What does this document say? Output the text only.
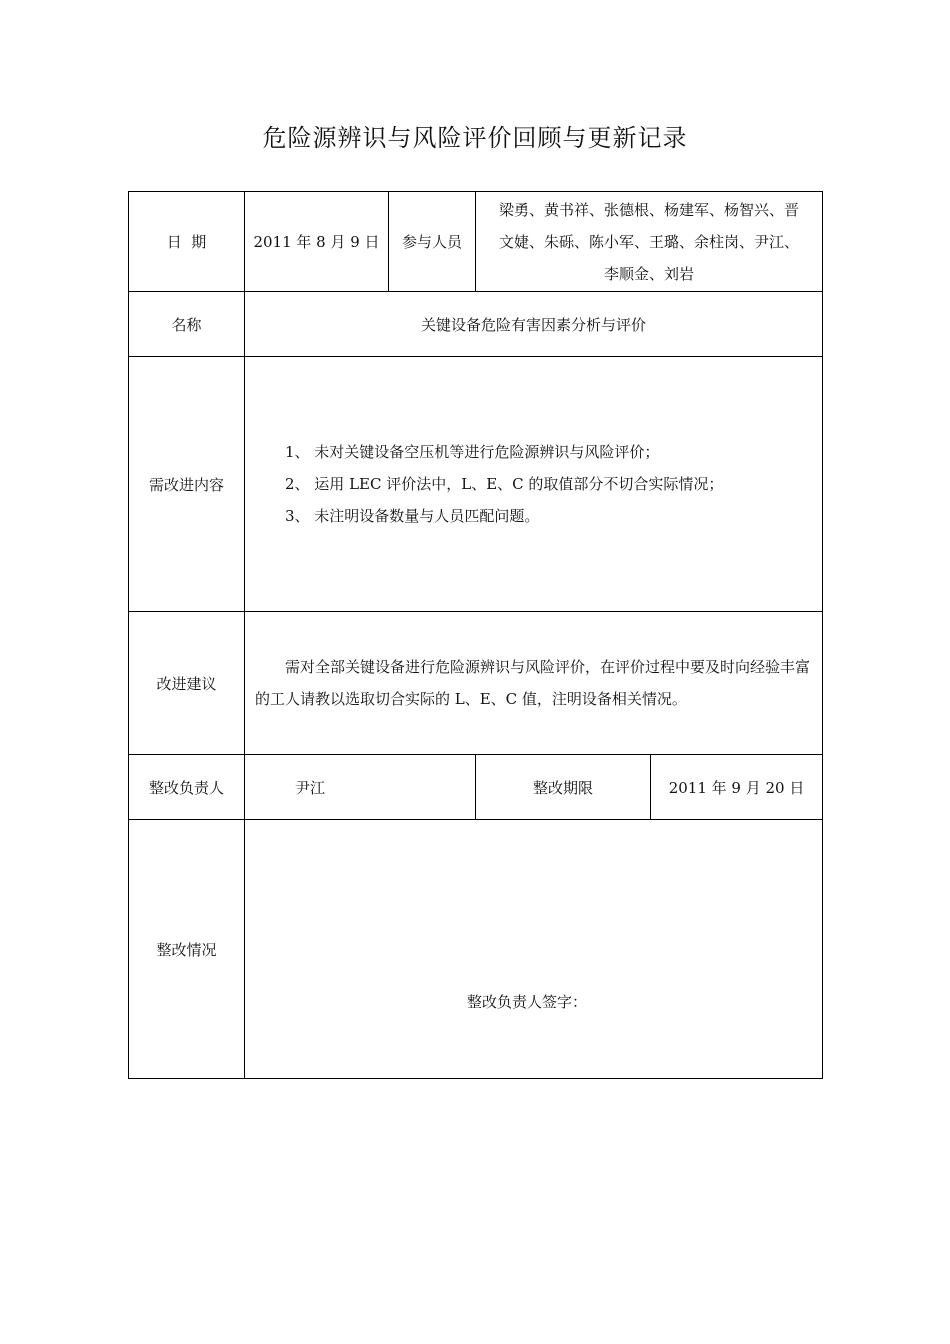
危险源辨识与风险评价回顾与更新记录
日  期	2011 年 8 月 9 日	参与人员	梁勇、黄书祥、张德根、杨建军、杨智兴、晋
文婕、朱砾、陈小军、王璐、余柱岗、尹江、
李顺金、刘岩	

名称	关键设备危险有害因素分析与评价			
需改进内容	1、 未对关键设备空压机等进行危险源辨识与风险评价；
2、 运用 LEC 评价法中，L、E、C 的取值部分不切合实际情况；
3、 未注明设备数量与人员匹配问题。			

改进建议	需对全部关键设备进行危险源辨识与风险评价，在评价过程中要及时向经验丰富的工人请教以选取切合实际的 L、E、C 值，注明设备相关情况。			
整改负责人	尹江		整改期限	2011 年 9 月 20 日
整改情况	整改负责人签字：			
